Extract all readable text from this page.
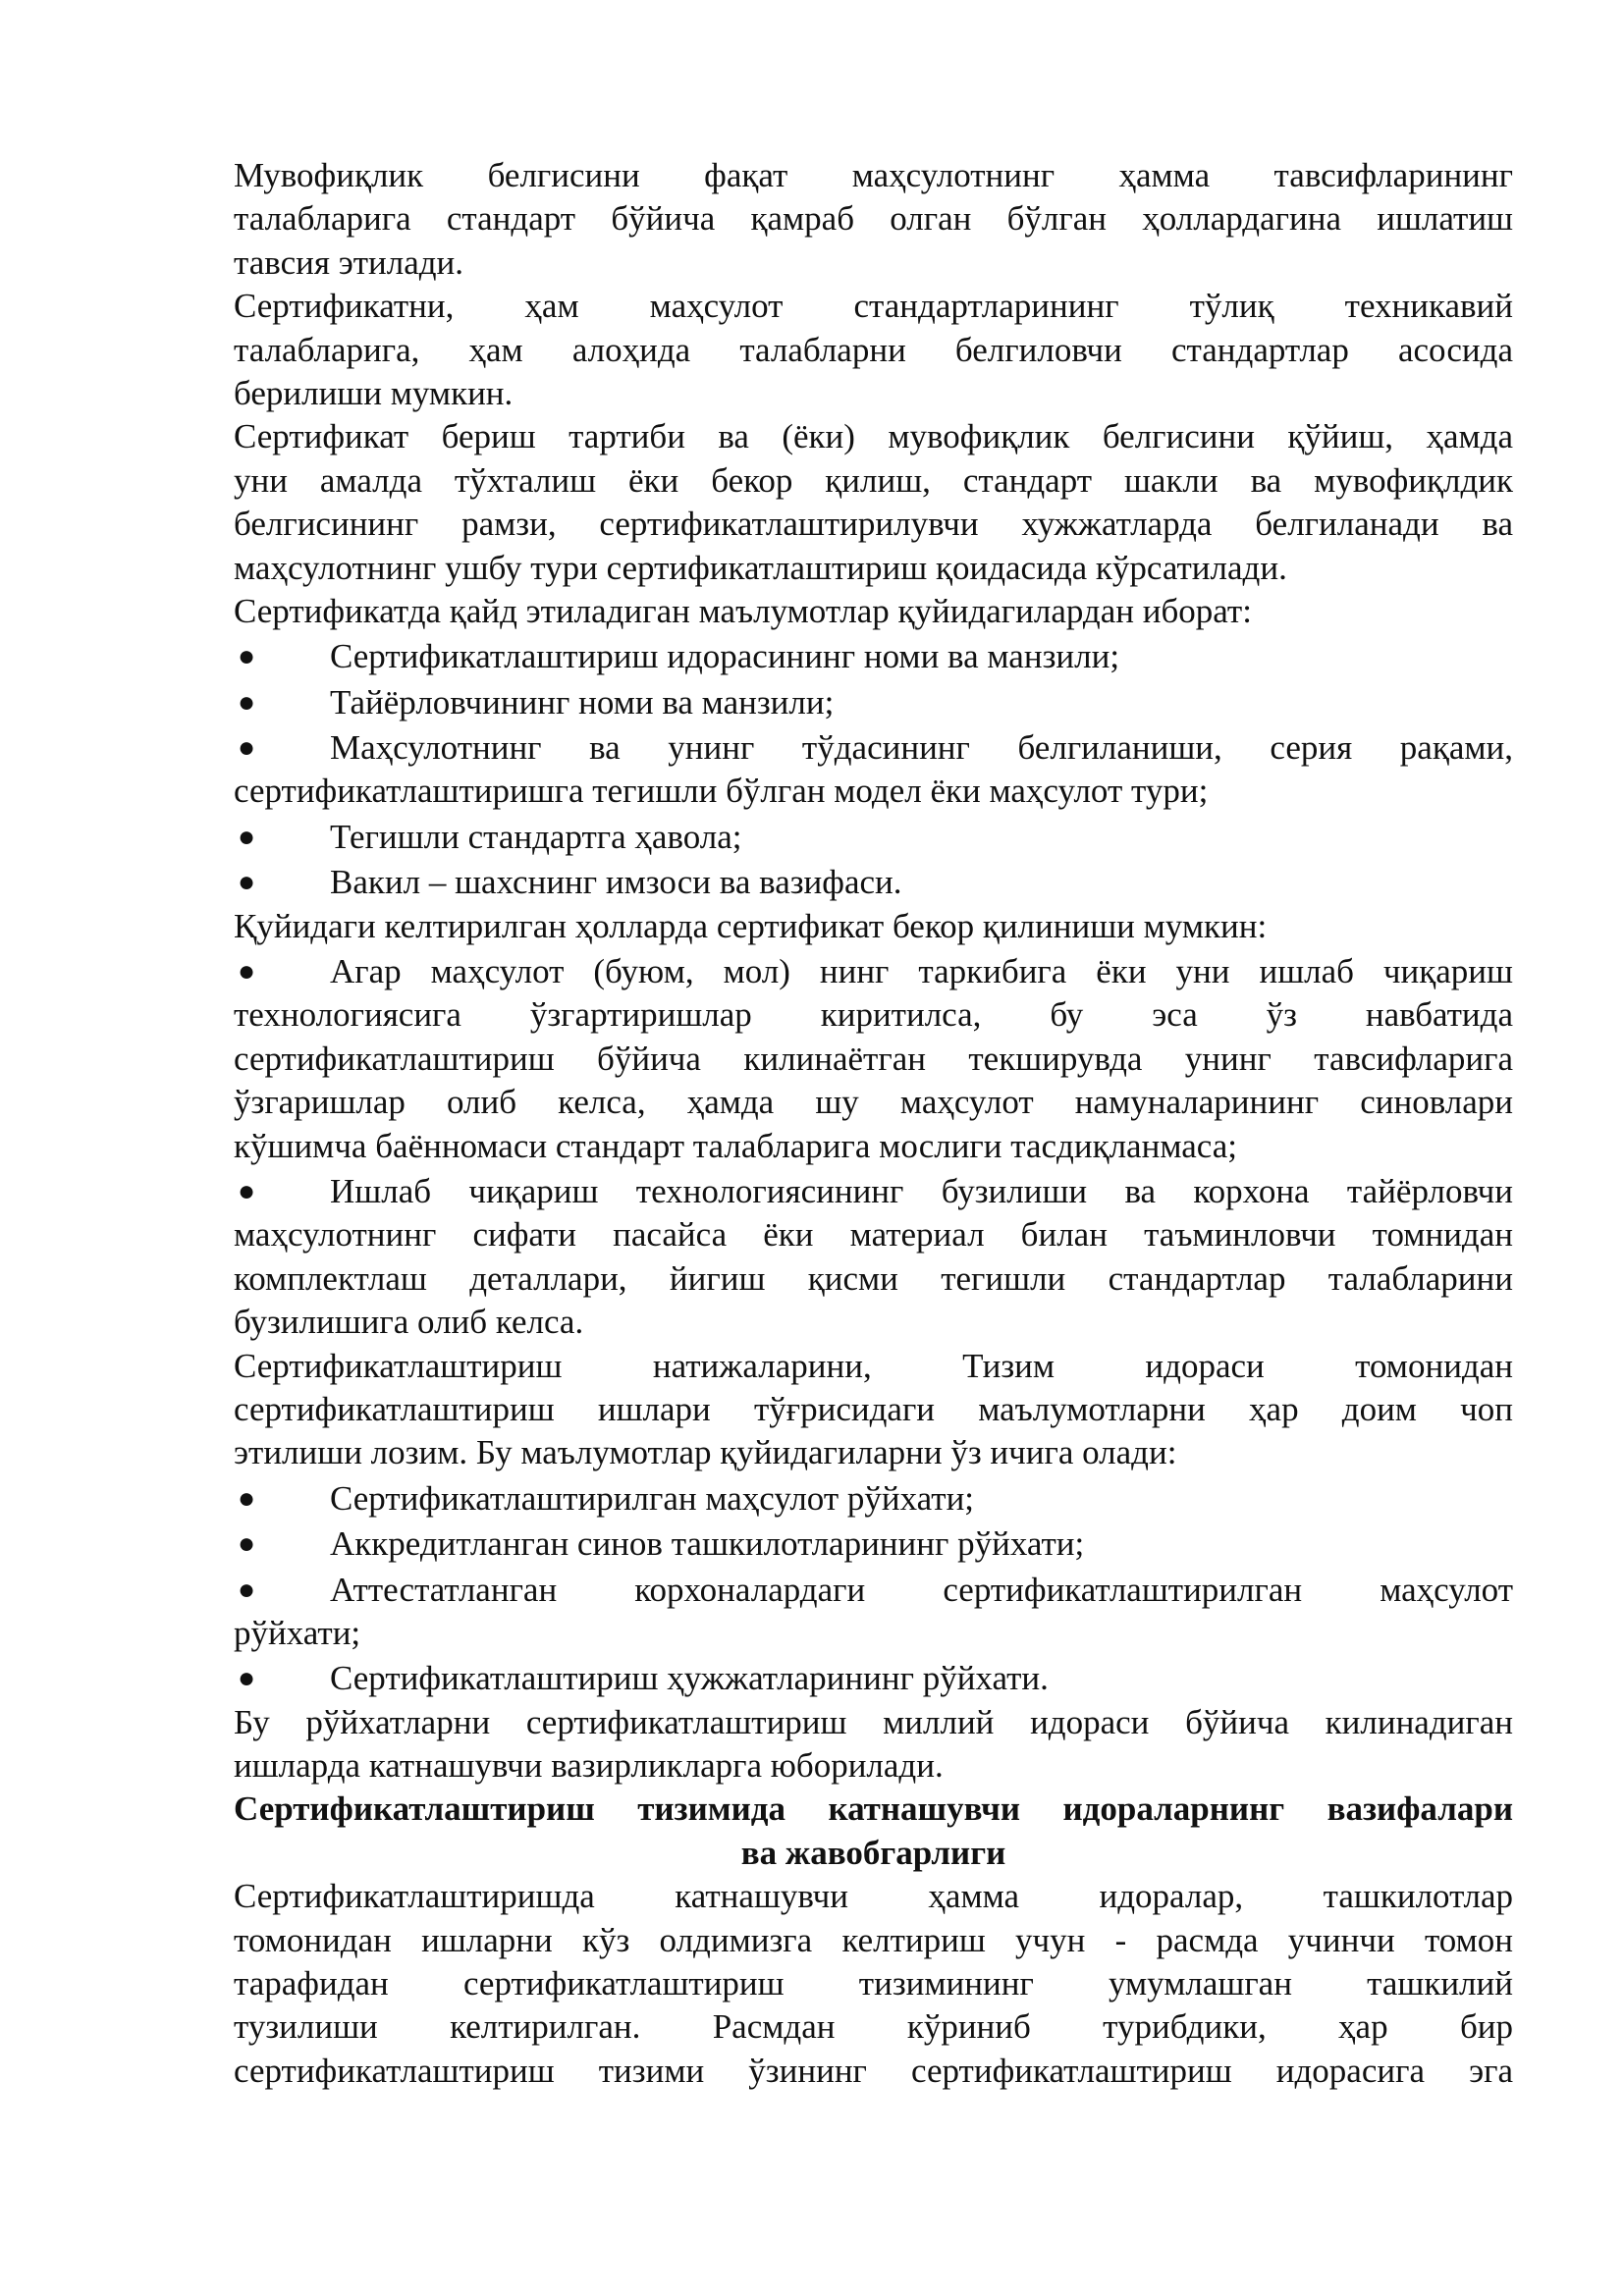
Мувофиқлик белгисини фақат маҳсулотнинг ҳамма тавсифларининг
талабларига стандарт бўйича қамраб олган бўлган ҳоллардагина ишлатиш
тавсия этилади.
Сертификатни, ҳам маҳсулот стандартларининг тўлиқ техникавий
талабларига, ҳам алоҳида талабларни белгиловчи стандартлар асосида
берилиши мумкин.
Сертификат бериш тартиби ва (ёки) мувофиқлик белгисини қўйиш, ҳамда
уни амалда тўхталиш ёки бекор қилиш, стандарт шакли ва мувофиқлдик
белгисининг рамзи, сертификатлаштирилувчи хужжатларда белгиланади ва
маҳсулотнинг ушбу тури сертификатлаштириш қоидасида кўрсатилади.
Сертификатда қайд этиладиган маълумотлар қуйидагилардан иборат:
●	Сертификатлаштириш идорасининг номи ва манзили;
●	Тайёрловчининг номи ва манзили;
●	Маҳсулотнинг ва унинг тўдасининг белгиланиши, серия рақами,
сертификатлаштиришга тегишли бўлган модел ёки маҳсулот тури;
●	Тегишли стандартга ҳавола;
●	Вакил – шахснинг имзоси ва вазифаси.
Қуйидаги келтирилган ҳолларда сертификат бекор қилиниши мумкин:
●	Агар маҳсулот (буюм, мол) нинг таркибига ёки уни ишлаб чиқариш
технологиясига ўзгартиришлар киритилса, бу эса ўз навбатида
сертификатлаштириш бўйича килинаётган текширувда унинг тавсифларига
ўзгаришлар олиб келса, ҳамда шу маҳсулот намуналарининг синовлари
кўшимча баённомаси стандарт талабларига мослиги тасдиқланмаса;
●	Ишлаб чиқариш технологиясининг бузилиши ва корхона тайёрловчи
маҳсулотнинг сифати пасайса ёки материал билан таъминловчи томнидан
комплектлаш деталлари, йигиш қисми тегишли стандартлар талабларини
бузилишига олиб келса.
Сертификатлаштириш натижаларини, Тизим идораси томонидан
сертификатлаштириш ишлари тўғрисидаги маълумотларни ҳар доим чоп
этилиши лозим. Бу маълумотлар қуйидагиларни ўз ичига олади:
●	Сертификатлаштирилган маҳсулот рўйхати;
●	Аккредитланган синов ташкилотларининг рўйхати;
●	Аттестатланган корхоналардаги сертификатлаштирилган маҳсулот
рўйхати;
●	Сертификатлаштириш ҳужжатларининг рўйхати.
Бу рўйхатларни сертификатлаштириш миллий идораси бўйича килинадиган
ишларда катнашувчи вазирликларга юборилади.
Сертификатлаштириш тизимида катнашувчи идораларнинг вазифалари
ва жавобгарлиги
Сертификатлаштиришда катнашувчи ҳамма идоралар, ташкилотлар
томонидан ишларни кўз олдимизга келтириш учун - расмда учинчи томон
тарафидан сертификатлаштириш тизимининг умумлашган ташкилий
тузилиши келтирилган. Расмдан кўриниб турибдики, ҳар бир
сертификатлаштириш тизими ўзининг сертификатлаштириш идорасига эга
